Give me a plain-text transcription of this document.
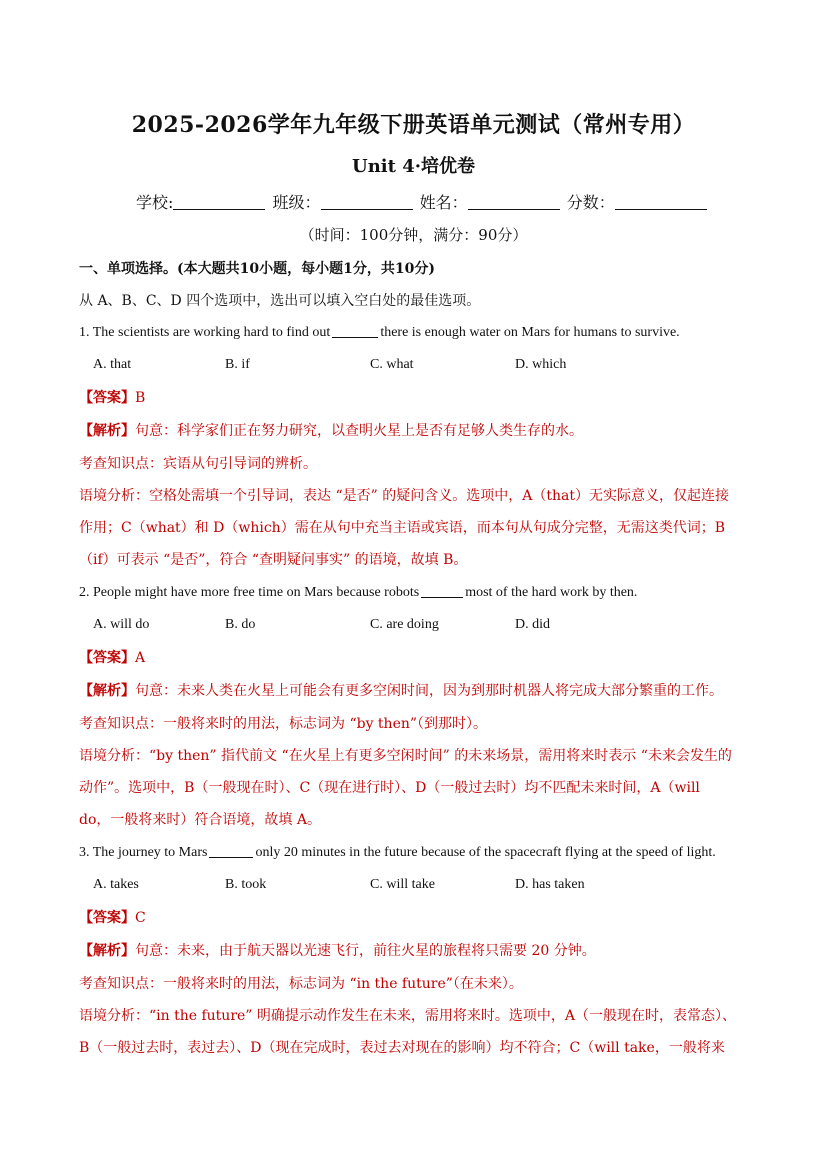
2025-2026学年九年级下册英语单元测试（常州专用）
Unit 4·培优卷
学校:	班级：	姓名：	分数：
（时间：100分钟，满分：90分）
一、单项选择。(本大题共10小题，每小题1分，共10分)
从 A、B、C、D 四个选项中，选出可以填入空白处的最佳选项。
1. The scientists are working hard to find out	there is enough water on Mars for humans to survive.
A. that	B. if	C. what	D. which
【答案】B
【解析】句意：科学家们正在努力研究，以查明火星上是否有足够人类生存的水。
考查知识点：宾语从句引导词的辨析。
语境分析：空格处需填一个引导词，表达 “是否” 的疑问含义。选项中，A（that）无实际意义，仅起连接
作用；C（what）和 D（which）需在从句中充当主语或宾语，而本句从句成分完整，无需这类代词；B
（if）可表示 “是否”，符合 “查明疑问事实” 的语境，故填 B。
2. People might have more free time on Mars because robots	most of the hard work by then.
A. will do	B. do	C. are doing	D. did
【答案】A
【解析】句意：未来人类在火星上可能会有更多空闲时间，因为到那时机器人将完成大部分繁重的工作。
考查知识点：一般将来时的用法，标志词为 “by then”（到那时）。
语境分析：“by then” 指代前文 “在火星上有更多空闲时间” 的未来场景，需用将来时表示 “未来会发生的
动作”。选项中，B（一般现在时）、C（现在进行时）、D（一般过去时）均不匹配未来时间，A（will
do，一般将来时）符合语境，故填 A。
3. The journey to Mars	only 20 minutes in the future because of the spacecraft flying at the speed of light.
A. takes	B. took	C. will take	D. has taken
【答案】C
【解析】句意：未来，由于航天器以光速飞行，前往火星的旅程将只需要 20 分钟。
考查知识点：一般将来时的用法，标志词为 “in the future”（在未来）。
语境分析：“in the future” 明确提示动作发生在未来，需用将来时。选项中，A（一般现在时，表常态）、
B（一般过去时，表过去）、D（现在完成时，表过去对现在的影响）均不符合；C（will take，一般将来
